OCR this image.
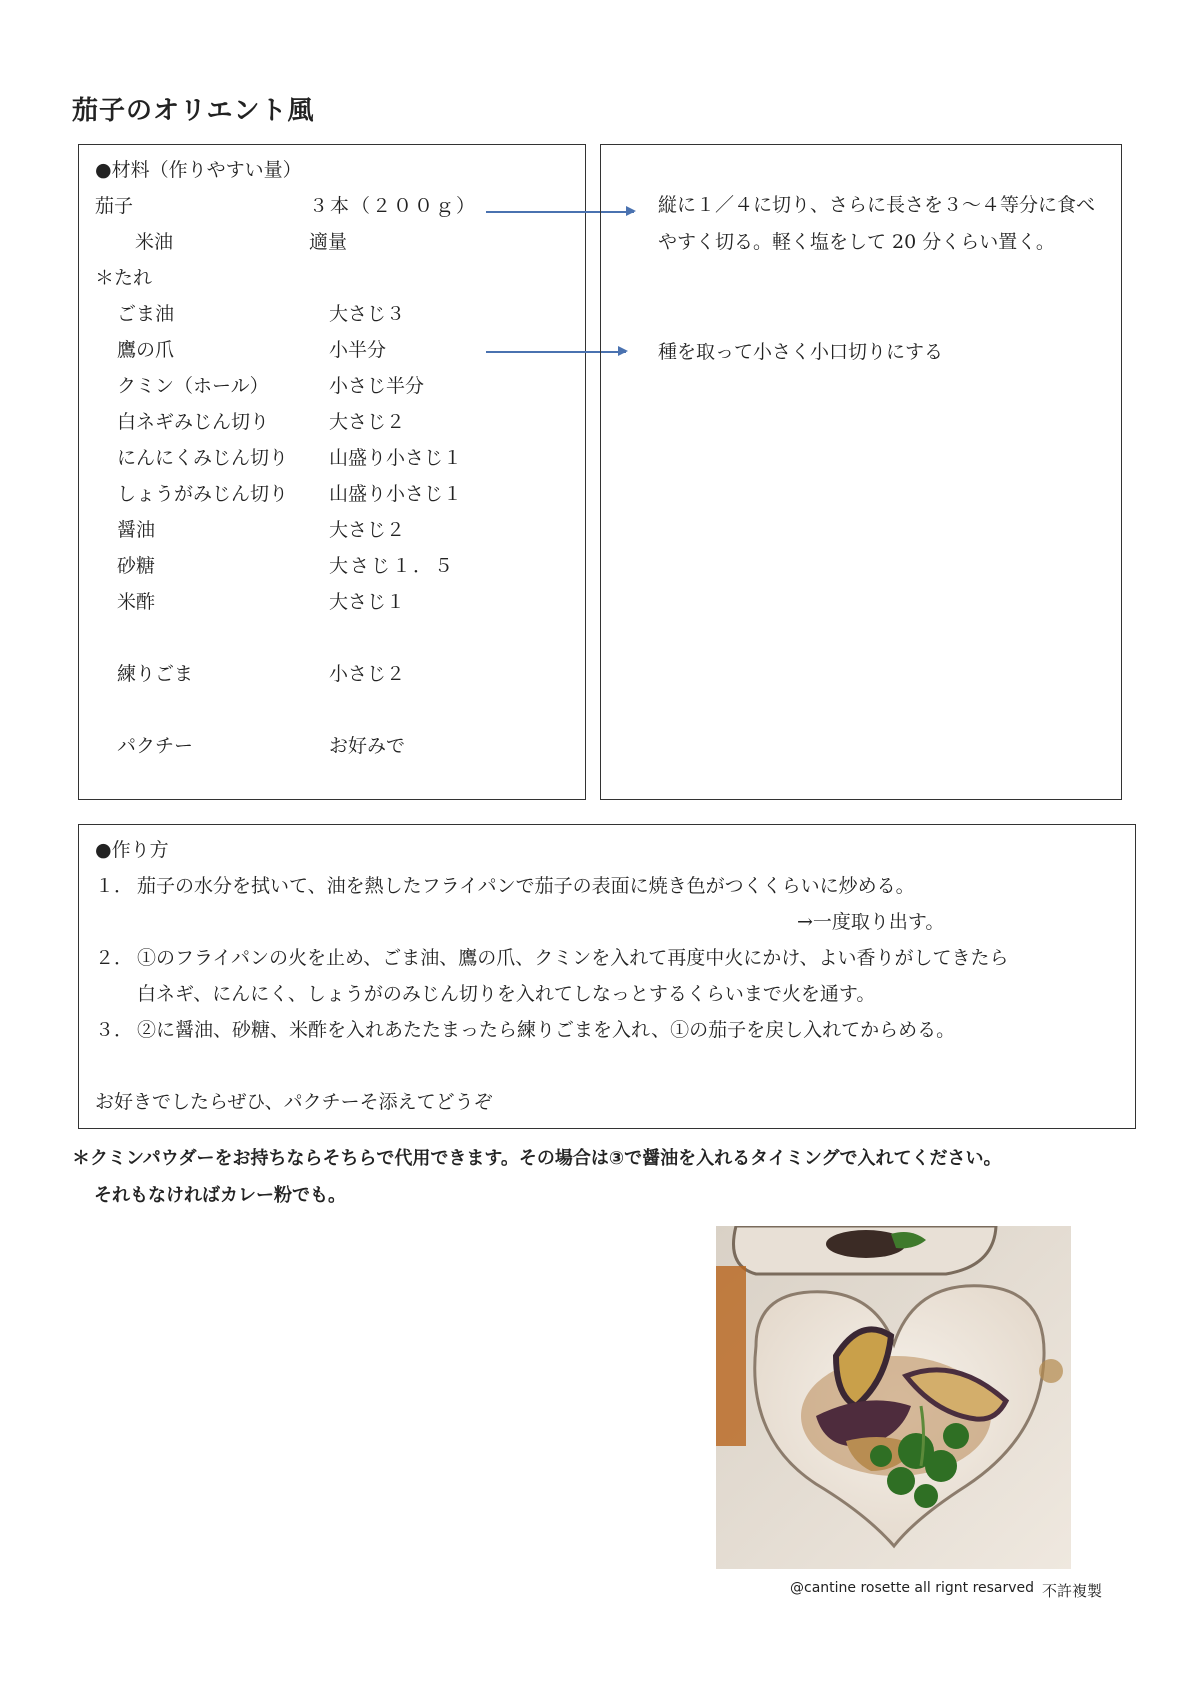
茄子のオリエント風
●材料（作りやすい量）
茄子	３本（２００ｇ）
米油	適量
＊たれ
ごま油	大さじ３
鷹の爪	小半分
クミン（ホール）	小さじ半分
白ネギみじん切り	大さじ２
にんにくみじん切り 山盛り小さじ１
しょうがみじん切り 山盛り小さじ１
醤油	大さじ２
砂糖	大さじ１．５
米酢	大さじ１
練りごま	小さじ２
パクチー	お好みで
縦に１／４に切り、さらに長さを３～４等分に食べやすく切る。軽く塩をして 20 分くらい置く。
種を取って小さく小口切りにする
●作り方
１． 茄子の水分を拭いて、油を熱したフライパンで茄子の表面に焼き色がつくくらいに炒める。
→一度取り出す。
２． ①のフライパンの火を止め、ごま油、鷹の爪、クミンを入れて再度中火にかけ、よい香りがしてきたら
白ネギ、にんにく、しょうがのみじん切りを入れてしなっとするくらいまで火を通す。
３． ②に醤油、砂糖、米酢を入れあたたまったら練りごまを入れ、①の茄子を戻し入れてからめる。
お好きでしたらぜひ、パクチーそ添えてどうぞ
＊クミンパウダーをお持ちならそちらで代用できます。その場合は③で醤油を入れるタイミングで入れてください。
それもなければカレー粉でも。
@cantine rosette all rignt resarved 不許複製
